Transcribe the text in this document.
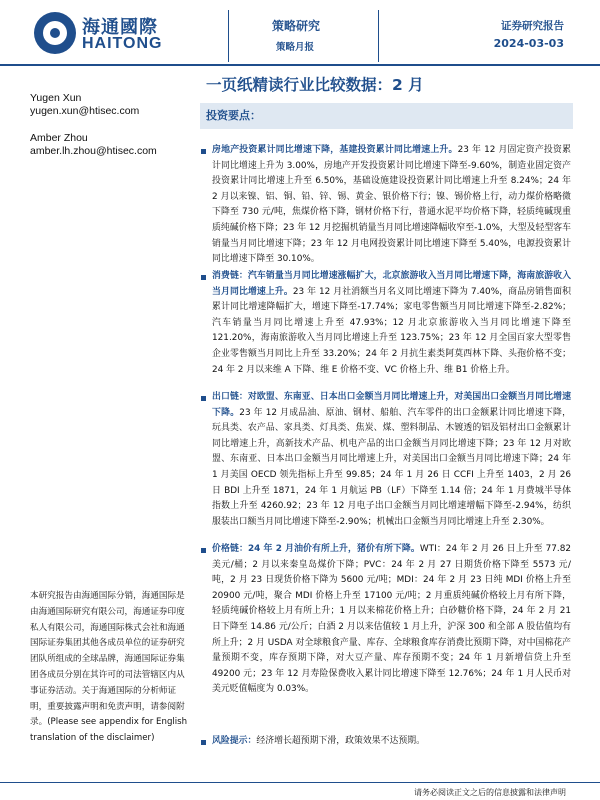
海通國際
HAITONG
策略研究
策略月报
证券研究报告
2024-03-03
一页纸精读行业比较数据：2 月
Yugen Xun
yugen.xun@htisec.com
Amber Zhou
amber.lh.zhou@htisec.com
投资要点：
房地产投资累计同比增速下降，基建投资累计同比增速上升。23 年 12 月固定资产投资累计同比增速上升为 3.00%，房地产开发投资累计同比增速下降至-9.60%，制造业固定资产投资累计同比增速上升至 6.50%，基础设施建设投资累计同比增速上升至 8.24%；24 年 2 月以来镍、铝、铜、铅、锌、锡、黄金、银价格下行；镍、锡价格上行，动力煤价格略微下降至 730 元/吨，焦煤价格下降，钢材价格下行，普通水泥平均价格下降，轻质纯碱现重质纯碱价格下降；23 年 12 月挖掘机销量当月同比增速降幅收窄至-1.0%，大型及轻型客车销量当月同比增速下降；23 年 12 月电网投资累计同比增速下降至 5.40%，电源投资累计同比增速下降至 30.10%。
消费链：汽车销量当月同比增速涨幅扩大，北京旅游收入当月同比增速下降，海南旅游收入当月同比增速上升。23 年 12 月社消额当月名义同比增速下降为 7.40%，商品房销售面积累计同比增速降幅扩大，增速下降至-17.74%；家电零售额当月同比增速下降至-2.82%；汽车销量当月同比增速上升至 47.93%；12 月北京旅游收入当月同比增速下降至 121.20%，海南旅游收入当月同比增速上升至 123.75%；23 年 12 月全国百家大型零售企业零售额当月同比上升至 33.20%；24 年 2 月抗生素类阿莫西林下降、头孢价格不变；24 年 2 月以来维 A 下降、维 E 价格不变、VC 价格上升、维 B1 价格上升。
出口链：对欧盟、东南亚、日本出口金额当月同比增速上升，对美国出口金额当月同比增速下降。23 年 12 月成品油、原油、钢材、船舶、汽车零件的出口金额累计同比增速下降，玩具类、农产品、家具类、灯具类、焦炭、煤、塑料制品、木镀透的铝及铝材出口金额累计同比增速上升，高新技术产品、机电产品的出口金额当月同比增速下降；23 年 12 月对欧盟、东南亚、日本出口金额当月同比增速上升，对美国出口金额当月同比增速下降；24 年 1 月美国 OECD 领先指标上升至 99.85；24 年 1 月 26 日 CCFI 上升至 1403，2 月 26 日 BDI 上升至 1871，24 年 1 月航运 PB（LF）下降至 1.14 倍；24 年 1 月费城半导体指数上升至 4260.92；23 年 12 月电子出口金额当月同比增速增幅下降至-2.94%，纺织服装出口额当月同比增速下降至-2.90%；机械出口金额当月同比增速上升至 2.30%。
价格链：24 年 2 月油价有所上升，猪价有所下降。WTI：24 年 2 月 26 日上升至 77.82 美元/桶；2 月以来秦皇岛煤价下降；PVC：24 年 2 月 27 日期货价格下降至 5573 元/吨，2 月 23 日现货价格下降为 5600 元/吨；MDI：24 年 2 月 23 日纯 MDI 价格上升至 20900 元/吨，聚合 MDI 价格上升至 17100 元/吨；2 月重质纯碱价格较上月有所下降，轻质纯碱价格较上月有所上升；1 月以来棉花价格上升；白砂糖价格下降，24 年 2 月 21 日下降至 14.86 元/公斤；白酒 2 月以来估值较 1 月上升，沪深 300 和全部 A 股估值均有所上升；2 月 USDA 对全球粮食产量、库存、全球粮食库存消费比预期下降，对中国棉花产量预期不变，库存预期下降，对大豆产量、库存预期不变；24 年 1 月新增信贷上升至 49200 元；23 年 12 月寿险保费收入累计同比增速下降至 12.76%；24 年 1 月人民币对美元贬值幅度为 0.03%。
风险提示：经济增长超预期下滑，政策效果不达预期。
本研究报告由海通国际分销，海通国际是由海通国际研究有限公司，海通证券印度私人有限公司，海通国际株式会社和海通国际证券集团其他各成员单位的证券研究团队所组成的全球品牌，海通国际证券集团各成员分别在其许可的司法管辖区内从事证券活动。关于海通国际的分析师证明，重要披露声明和免责声明，请参阅附录。(Please see appendix for English translation of the disclaimer)
请务必阅读正文之后的信息披露和法律声明
